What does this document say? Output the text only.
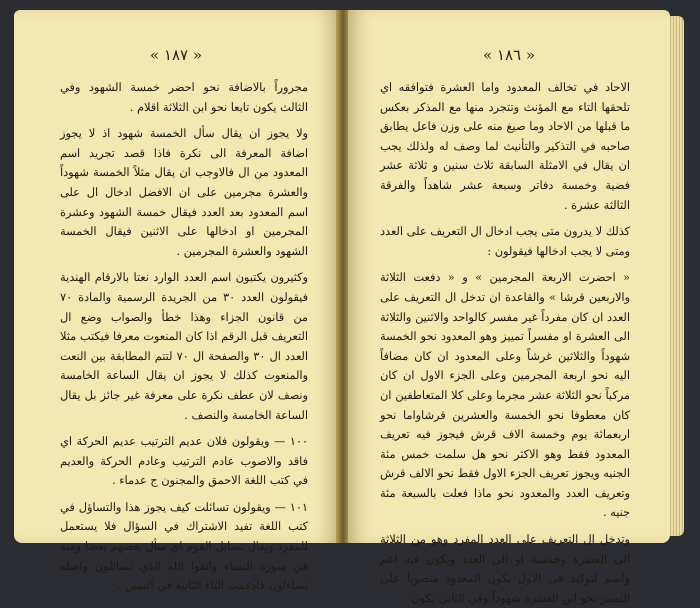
« ١٨٧ »

مجروراً بالاضافة نحو احضر خمسة الشهود وفي الثالث يكون تابعا نحو ابن الثلاثة اقلام .

ولا يجوز ان يقال سأل الخمسة شهود اذ لا يجوز اضافة المعرفة الى نكرة فاذا قصد تجريد اسم المعدود من ال فالاوجب ان يقال مثلاً الخمسة شهوداً والعشرة مجرمين على ان الافضل ادخال ال على اسم المعدود بعد العدد فيقال خمسة الشهود وعشرة المجرمين او ادخالها على الاثنين فيقال الخمسة الشهود والعشرة المجرمين .

وكثيرون يكتبون اسم العدد الوارد نعتا بالارقام الهندية فيقولون العدد ٣٠ من الجريدة الرسمية والمادة ٧٠ من قانون الجزاء وهذا خطأ والصواب وضع ال التعريف قبل الرقم اذا كان المنعوت معرفا فيكتب مثلا العدد ال ٣٠ والصفحة ال ٧٠ لتتم المطابقة بين النعت والمنعوت كذلك لا يجوز ان يقال الساعة الخامسة ونصف لان عطف نكرة على معرفة غير جائز بل يقال الساعة الخامسة والنصف .

١٠٠ — ويقولون فلان عديم الترتيب عديم الحركة اي فاقد والاصوب عادم الترتيب وعادم الحركة والعديم في كتب اللغة الاحمق والمجنون ج عدماء .

١٠١ — ويقولون تسائلت كيف يجوز هذا والتساؤل في كتب اللغة تفيد الاشتراك في السؤال فلا يستعمل للمفرد ويقال تسايل القوم اي سأل بعضهم بعضا ومنه في سورة النساء واتقوا الله الذي تسائلون واصله تساءلون فادغمت التاء الثانية في السين .

« ١٨٦ »

الاحاد في تخالف المعدود واما العشرة فتوافقه اي تلحقها التاء مع المؤنث وتتجرد منها مع المذكر بعكس ما قبلها من الاحاد وما صيغ منه على وزن فاعل يطابق صاحبه في التذكير والتأنيث لما وصف له ولذلك يجب ان يقال في الامثلة السابقة ثلاث سنين و ثلاثة عشر فضية وخمسة دفاتر وسبعة عشر شاهداً والفرقة الثالثة عشرة .

كذلك لا يدرون متى يجب ادخال ال التعريف على العدد ومتى لا يجب ادخالها فيقولون :

« احضرت الاربعة المجرمين » و « دفعت الثلاثة والاربعين قرشا » والقاعدة ان تدخل ال التعريف على العدد ان كان مفرداً غير مفسر كالواحد والاثنين والثلاثة الى العشرة او مفسراً تمييز وهو المعدود نحو الخمسة شهوداً والثلاثين غرشاً وعلى المعدود ان كان مضافاً اليه نحو اربعة المجرمين وعلى الجزء الاول ان كان مركباً نحو الثلاثة عشر مجرما وعلى كلا المتعاطفين ان كان معطوفا نحو الخمسة والعشرين قرشاواما نحو اربعمائة يوم وخمسة الاف قرش فيجوز فيه تعريف المعدود فقط وهو الاكثر نحو هل سلمت خمس مئة الجنيه ويجوز تعريف الجزء الاول فقط نحو الالف قرش وتعريف العدد والمعدود نحو ماذا فعلت بالسبعة مئة جنيه .

وتدخل ال التعريف على العدد المفرد وهو من الثلاثة الى العشرة وخمسة او الى العدد ويكون فيه اعم واسم لتوكيد في الاول يكون المعدود منصوبا على التمييز نحو ابن العشرة شهوداً وفي الثاني يكون
